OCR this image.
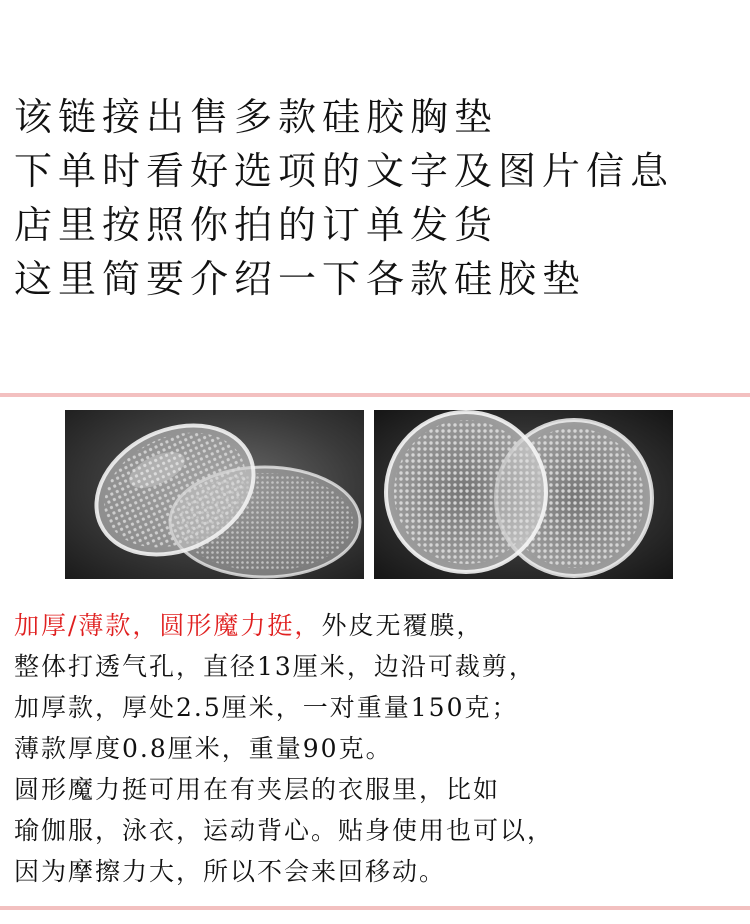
该链接出售多款硅胶胸垫
下单时看好选项的文字及图片信息
店里按照你拍的订单发货
这里简要介绍一下各款硅胶垫
加厚/薄款，圆形魔力挺，外皮无覆膜，
整体打透气孔，直径13厘米，边沿可裁剪，
加厚款，厚处2.5厘米，一对重量150克；
薄款厚度0.8厘米，重量90克。
圆形魔力挺可用在有夹层的衣服里，比如
瑜伽服，泳衣，运动背心。贴身使用也可以，
因为摩擦力大，所以不会来回移动。
